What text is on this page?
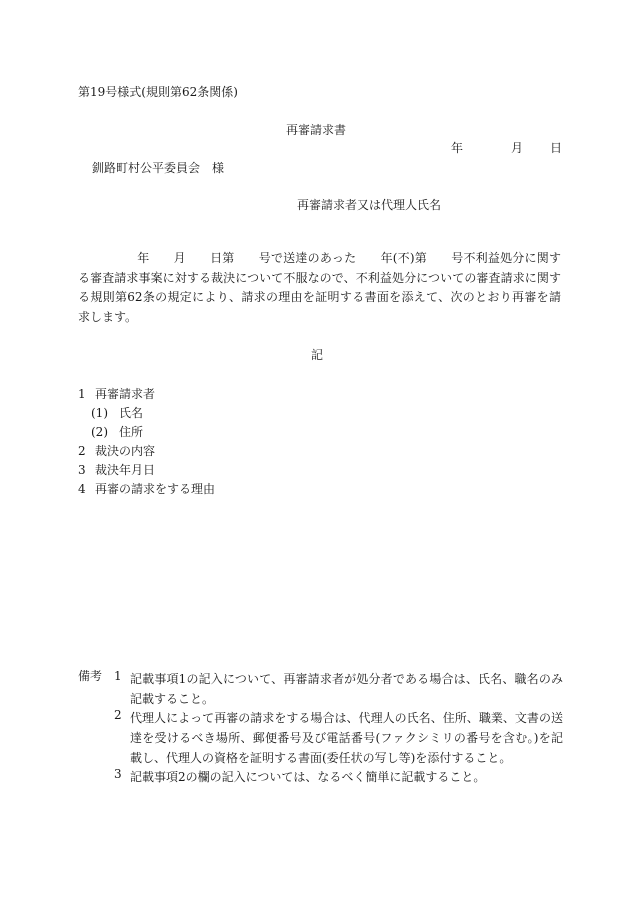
第19号様式(規則第62条関係)
再審請求書
年	月 日
釧路町村公平委員会　様
再審請求者又は代理人氏名
年 月 日第 号で送達のあった 年(不)第 号不利益処分に関する審査請求事案に対する裁決について不服なので、不利益処分についての審査請求に関する規則第62条の規定により、請求の理由を証明する書面を添えて、次のとおり再審を請求します。
記
1 再審請求者
(1) 氏名
(2) 住所
2 裁決の内容
3 裁決年月日
4 再審の請求をする理由
備考 1 記載事項1の記入について、再審請求者が処分者である場合は、氏名、職名のみ記載すること。
2 代理人によって再審の請求をする場合は、代理人の氏名、住所、職業、文書の送達を受けるべき場所、郵便番号及び電話番号(ファクシミリの番号を含む。)を記載し、代理人の資格を証明する書面(委任状の写し等)を添付すること。
3 記載事項2の欄の記入については、なるべく簡単に記載すること。
